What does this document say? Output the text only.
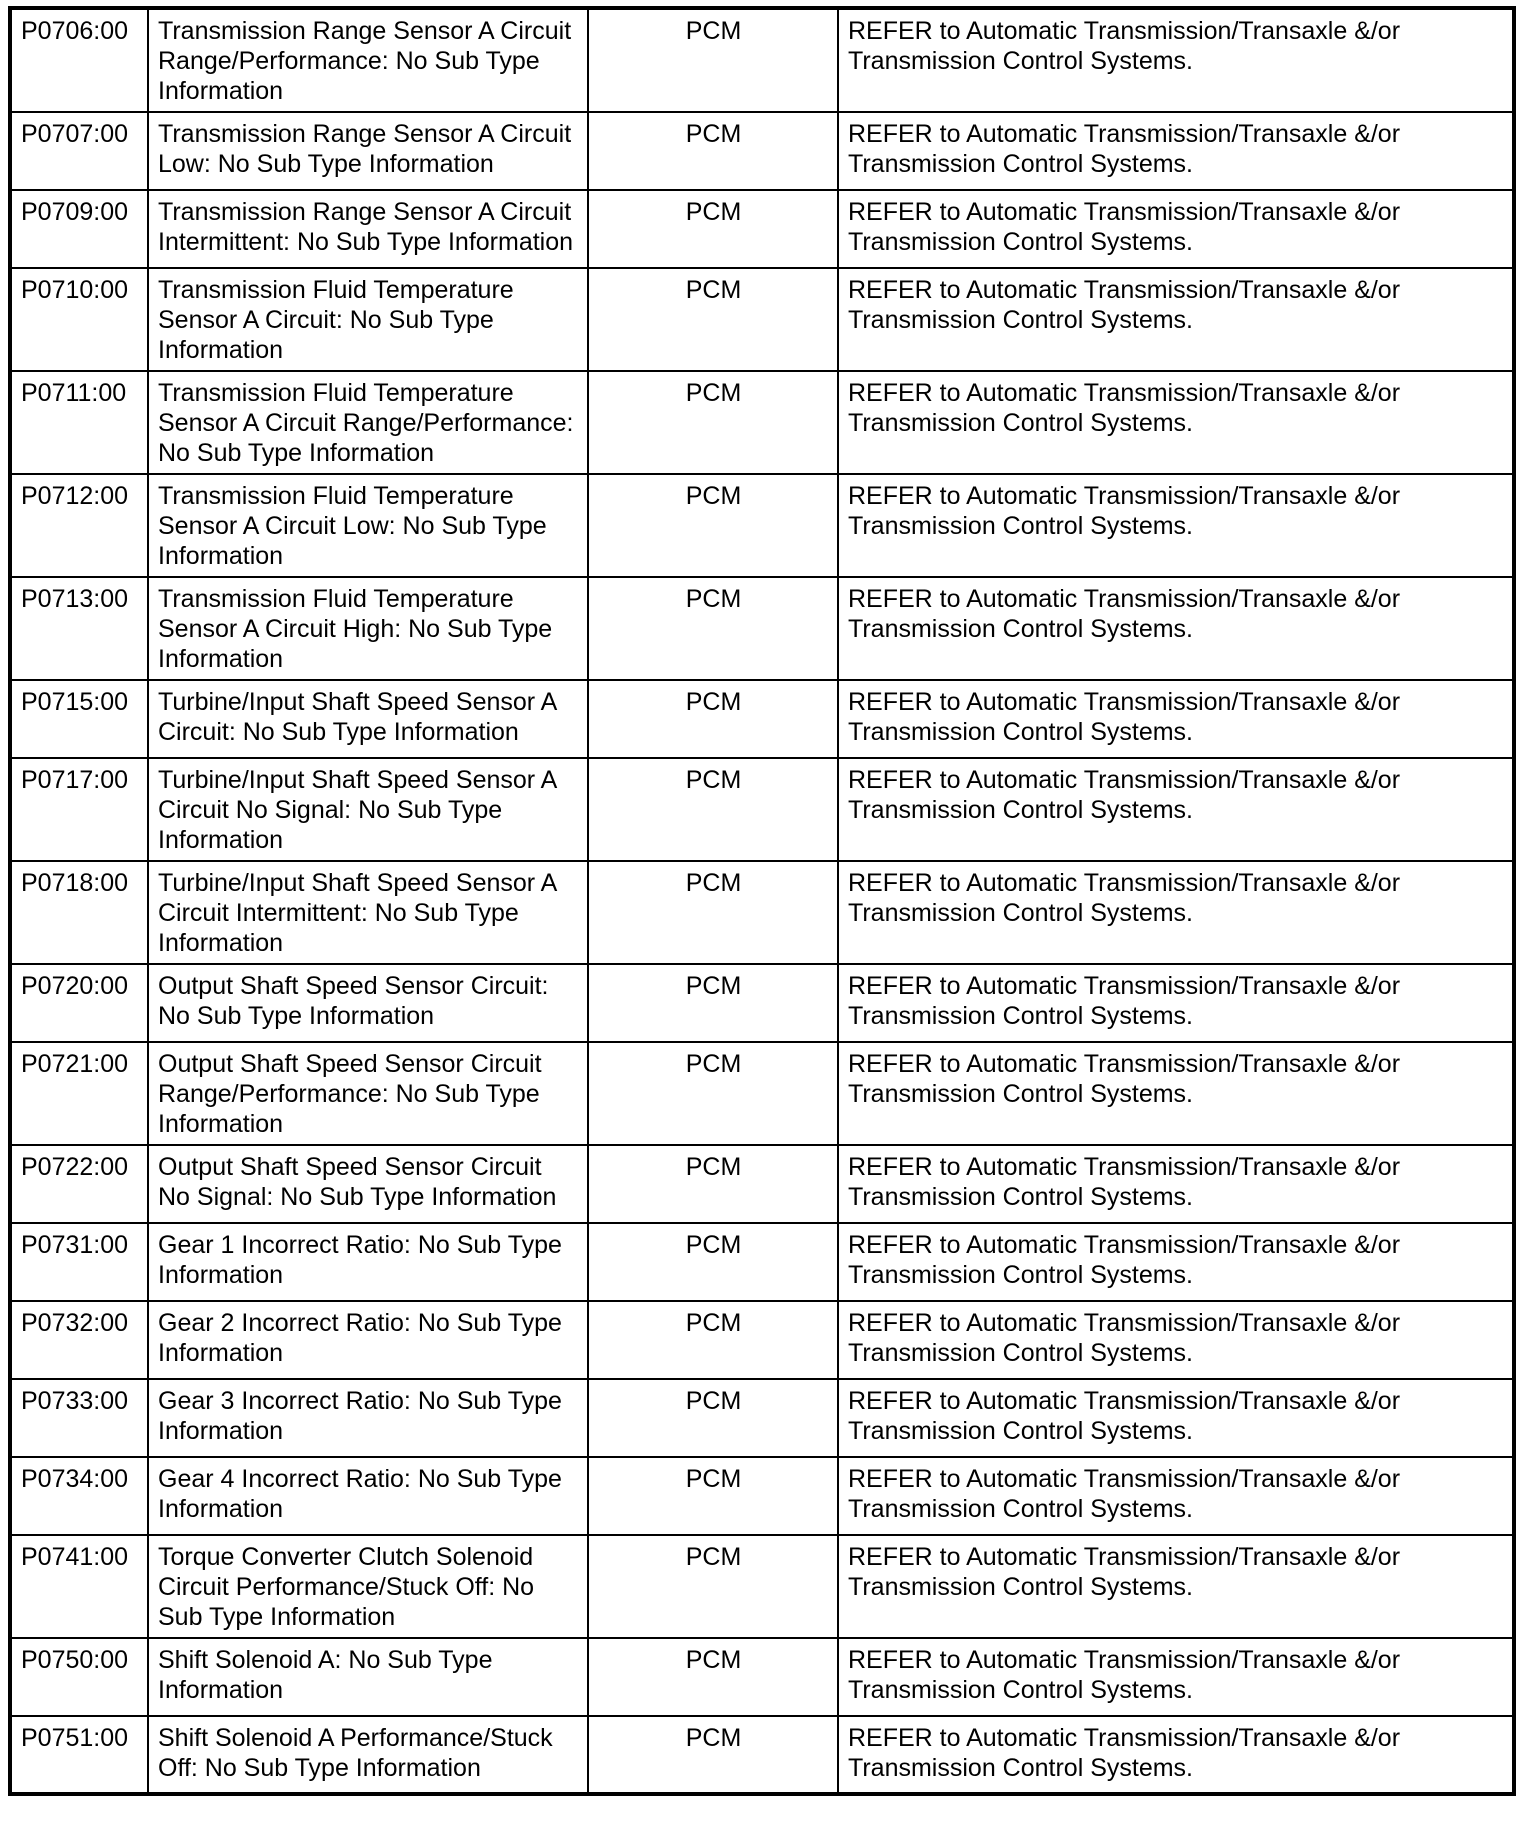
P0706:00	Transmission Range Sensor A Circuit Range/Performance: No Sub Type Information	PCM	REFER to Automatic Transmission/Transaxle &/or Transmission Control Systems.
P0707:00	Transmission Range Sensor A Circuit Low: No Sub Type Information	PCM	REFER to Automatic Transmission/Transaxle &/or Transmission Control Systems.
P0709:00	Transmission Range Sensor A Circuit Intermittent: No Sub Type Information	PCM	REFER to Automatic Transmission/Transaxle &/or Transmission Control Systems.
P0710:00	Transmission Fluid Temperature Sensor A Circuit: No Sub Type Information	PCM	REFER to Automatic Transmission/Transaxle &/or Transmission Control Systems.
P0711:00	Transmission Fluid Temperature Sensor A Circuit Range/Performance: No Sub Type Information	PCM	REFER to Automatic Transmission/Transaxle &/or Transmission Control Systems.
P0712:00	Transmission Fluid Temperature Sensor A Circuit Low: No Sub Type Information	PCM	REFER to Automatic Transmission/Transaxle &/or Transmission Control Systems.
P0713:00	Transmission Fluid Temperature Sensor A Circuit High: No Sub Type Information	PCM	REFER to Automatic Transmission/Transaxle &/or Transmission Control Systems.
P0715:00	Turbine/Input Shaft Speed Sensor A Circuit: No Sub Type Information	PCM	REFER to Automatic Transmission/Transaxle &/or Transmission Control Systems.
P0717:00	Turbine/Input Shaft Speed Sensor A Circuit No Signal: No Sub Type Information	PCM	REFER to Automatic Transmission/Transaxle &/or Transmission Control Systems.
P0718:00	Turbine/Input Shaft Speed Sensor A Circuit Intermittent: No Sub Type Information	PCM	REFER to Automatic Transmission/Transaxle &/or Transmission Control Systems.
P0720:00	Output Shaft Speed Sensor Circuit: No Sub Type Information	PCM	REFER to Automatic Transmission/Transaxle &/or Transmission Control Systems.
P0721:00	Output Shaft Speed Sensor Circuit Range/Performance: No Sub Type Information	PCM	REFER to Automatic Transmission/Transaxle &/or Transmission Control Systems.
P0722:00	Output Shaft Speed Sensor Circuit No Signal: No Sub Type Information	PCM	REFER to Automatic Transmission/Transaxle &/or Transmission Control Systems.
P0731:00	Gear 1 Incorrect Ratio: No Sub Type Information	PCM	REFER to Automatic Transmission/Transaxle &/or Transmission Control Systems.
P0732:00	Gear 2 Incorrect Ratio: No Sub Type Information	PCM	REFER to Automatic Transmission/Transaxle &/or Transmission Control Systems.
P0733:00	Gear 3 Incorrect Ratio: No Sub Type Information	PCM	REFER to Automatic Transmission/Transaxle &/or Transmission Control Systems.
P0734:00	Gear 4 Incorrect Ratio: No Sub Type Information	PCM	REFER to Automatic Transmission/Transaxle &/or Transmission Control Systems.
P0741:00	Torque Converter Clutch Solenoid Circuit Performance/Stuck Off: No Sub Type Information	PCM	REFER to Automatic Transmission/Transaxle &/or Transmission Control Systems.
P0750:00	Shift Solenoid A: No Sub Type Information	PCM	REFER to Automatic Transmission/Transaxle &/or Transmission Control Systems.
P0751:00	Shift Solenoid A Performance/Stuck Off: No Sub Type Information	PCM	REFER to Automatic Transmission/Transaxle &/or Transmission Control Systems.
